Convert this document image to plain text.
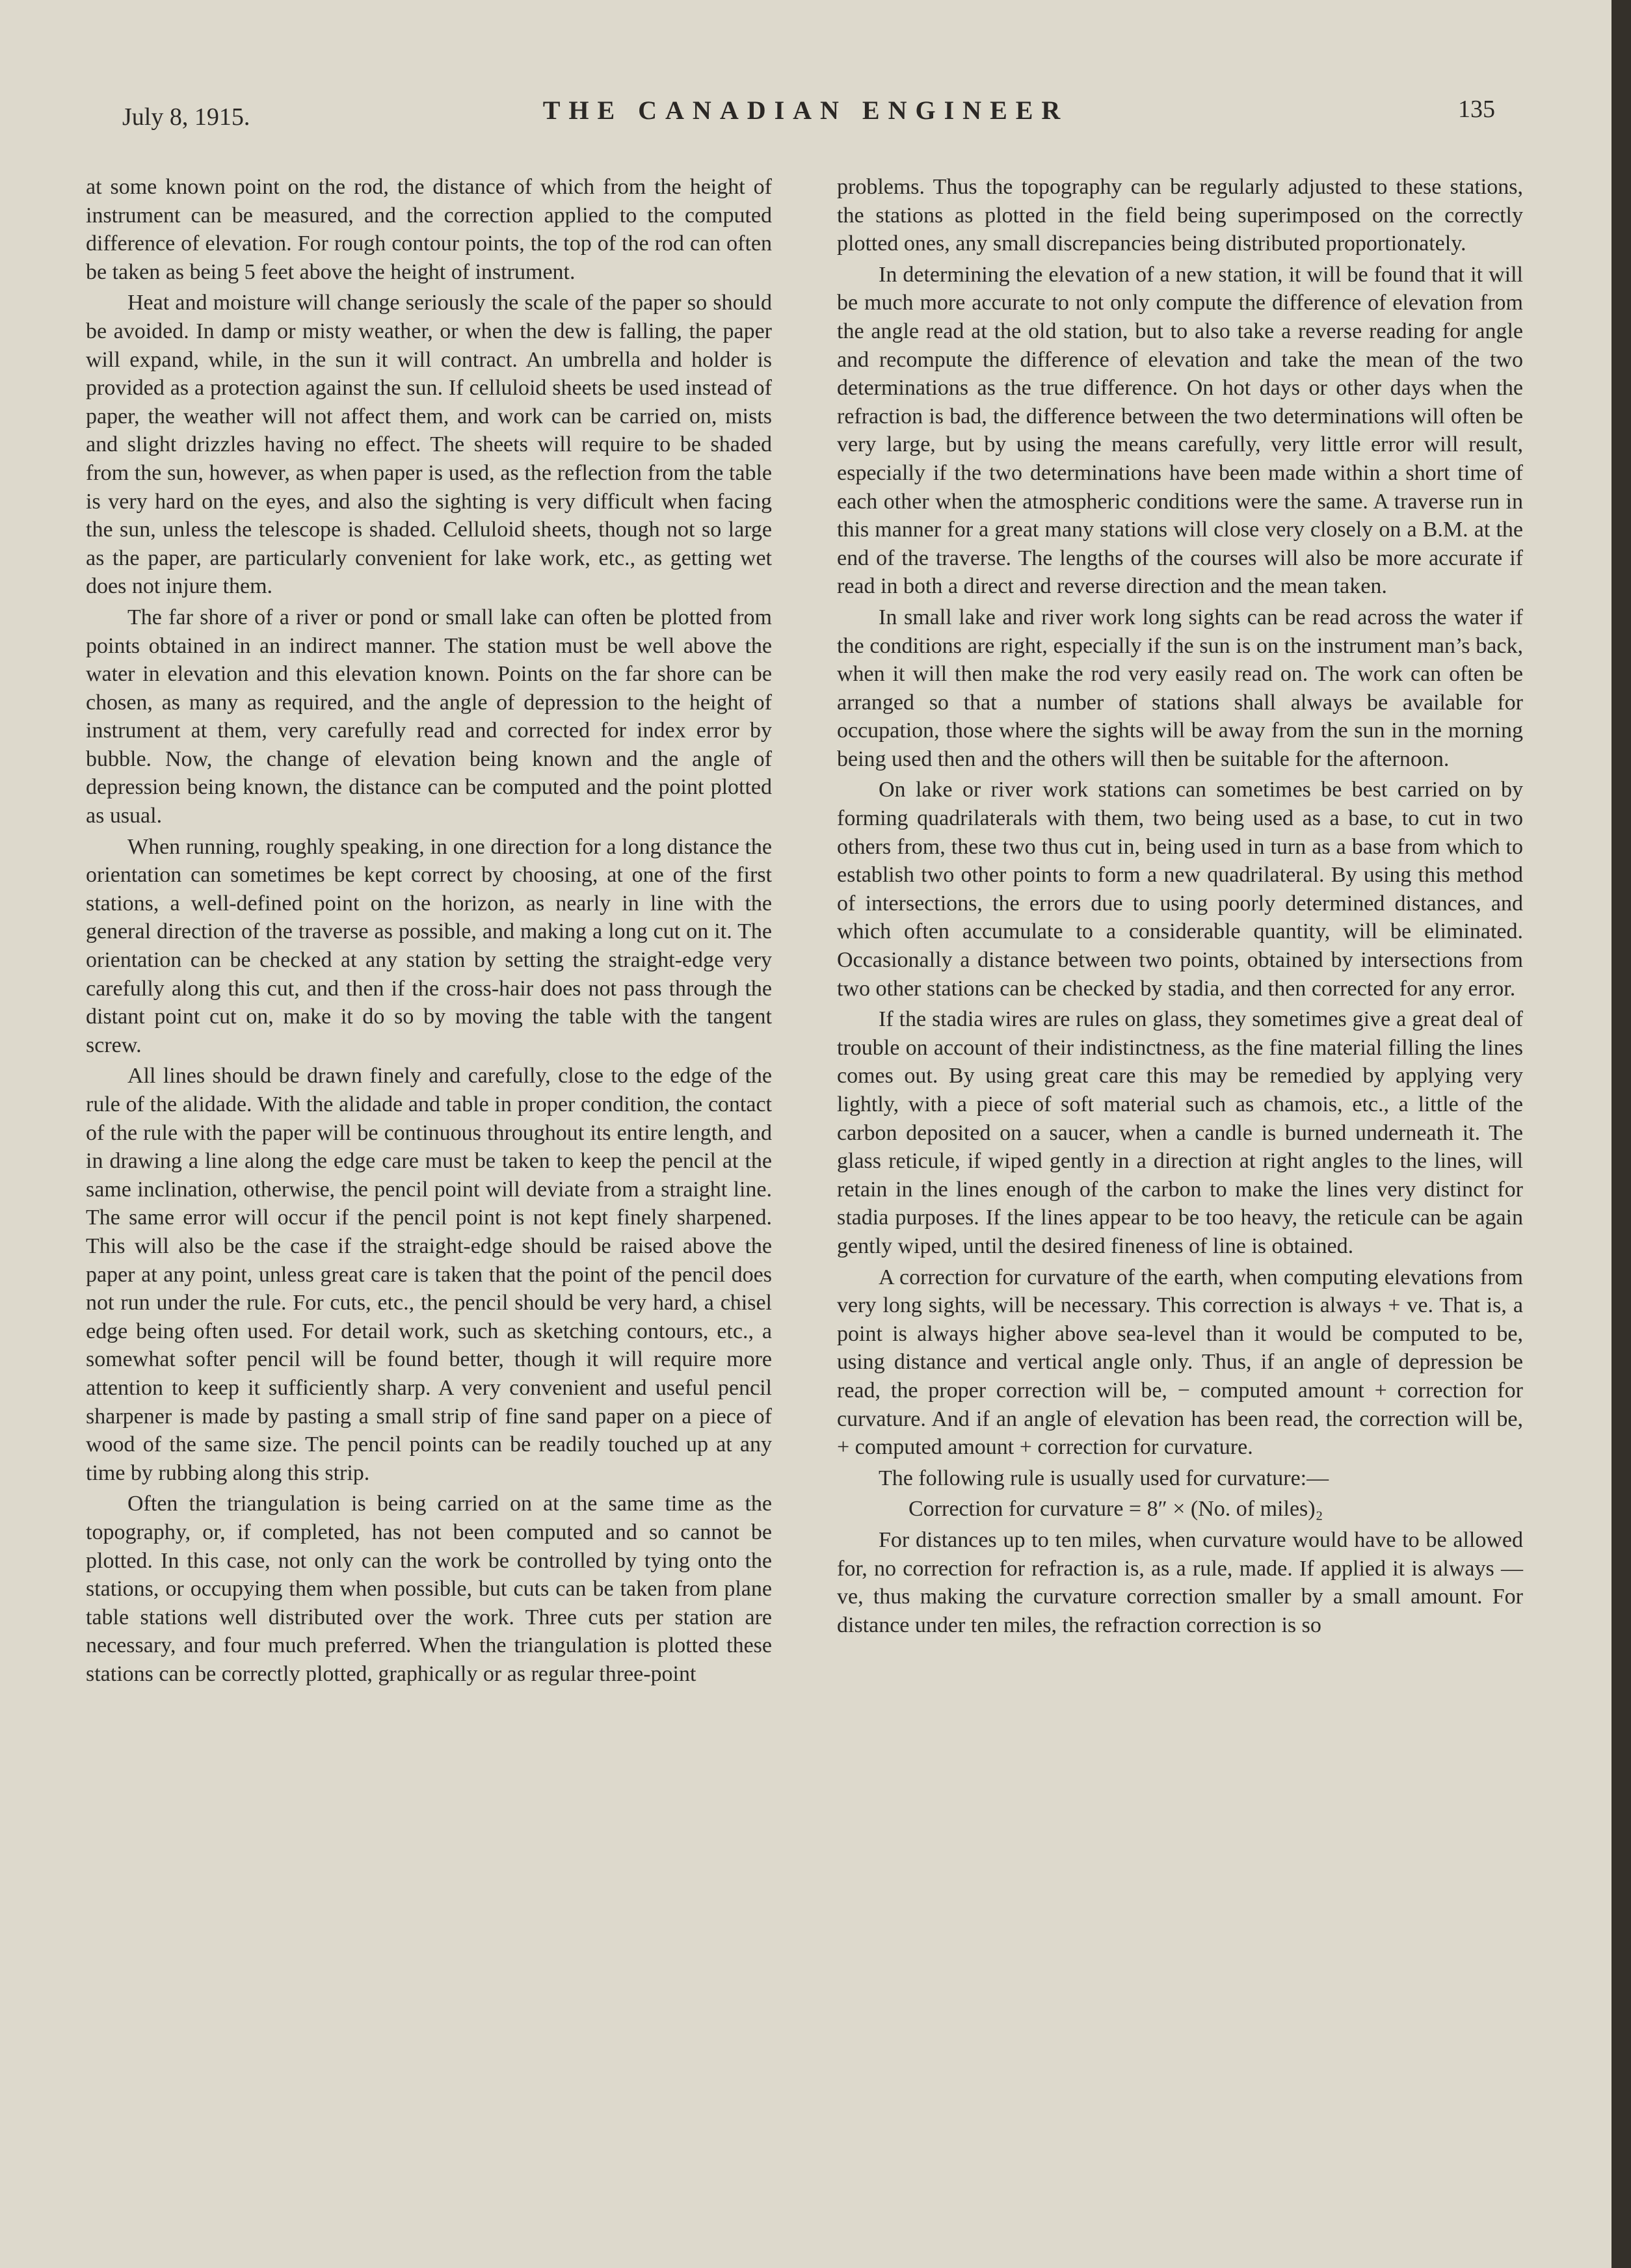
July 8, 1915.	THE CANADIAN ENGINEER	135

at some known point on the rod, the distance of which from the height of instrument can be measured, and the correction applied to the computed difference of elevation. For rough contour points, the top of the rod can often be taken as being 5 feet above the height of instrument.

Heat and moisture will change seriously the scale of the paper so should be avoided. In damp or misty weather, or when the dew is falling, the paper will expand, while, in the sun it will contract. An umbrella and holder is provided as a protection against the sun. If celluloid sheets be used instead of paper, the weather will not affect them, and work can be carried on, mists and slight drizzles having no effect. The sheets will require to be shaded from the sun, however, as when paper is used, as the reflection from the table is very hard on the eyes, and also the sighting is very difficult when facing the sun, unless the telescope is shaded. Celluloid sheets, though not so large as the paper, are particularly convenient for lake work, etc., as getting wet does not injure them.

The far shore of a river or pond or small lake can often be plotted from points obtained in an indirect manner. The station must be well above the water in elevation and this elevation known. Points on the far shore can be chosen, as many as required, and the angle of depression to the height of instrument at them, very carefully read and corrected for index error by bubble. Now, the change of elevation being known and the angle of depression being known, the distance can be computed and the point plotted as usual.

When running, roughly speaking, in one direction for a long distance the orientation can sometimes be kept correct by choosing, at one of the first stations, a well-defined point on the horizon, as nearly in line with the general direction of the traverse as possible, and making a long cut on it. The orientation can be checked at any station by setting the straight-edge very carefully along this cut, and then if the cross-hair does not pass through the distant point cut on, make it do so by moving the table with the tangent screw.

All lines should be drawn finely and carefully, close to the edge of the rule of the alidade. With the alidade and table in proper condition, the contact of the rule with the paper will be continuous throughout its entire length, and in drawing a line along the edge care must be taken to keep the pencil at the same inclination, otherwise, the pencil point will deviate from a straight line. The same error will occur if the pencil point is not kept finely sharpened. This will also be the case if the straight-edge should be raised above the paper at any point, unless great care is taken that the point of the pencil does not run under the rule. For cuts, etc., the pencil should be very hard, a chisel edge being often used. For detail work, such as sketching contours, etc., a somewhat softer pencil will be found better, though it will require more attention to keep it sufficiently sharp. A very convenient and useful pencil sharpener is made by pasting a small strip of fine sand paper on a piece of wood of the same size. The pencil points can be readily touched up at any time by rubbing along this strip.

Often the triangulation is being carried on at the same time as the topography, or, if completed, has not been computed and so cannot be plotted. In this case, not only can the work be controlled by tying onto the stations, or occupying them when possible, but cuts can be taken from plane table stations well distributed over the work. Three cuts per station are necessary, and four much preferred. When the triangulation is plotted these stations can be correctly plotted, graphically or as regular three-point

problems. Thus the topography can be regularly adjusted to these stations, the stations as plotted in the field being superimposed on the correctly plotted ones, any small discrepancies being distributed proportionately.

In determining the elevation of a new station, it will be found that it will be much more accurate to not only compute the difference of elevation from the angle read at the old station, but to also take a reverse reading for angle and recompute the difference of elevation and take the mean of the two determinations as the true difference. On hot days or other days when the refraction is bad, the difference between the two determinations will often be very large, but by using the means carefully, very little error will result, especially if the two determinations have been made within a short time of each other when the atmospheric conditions were the same. A traverse run in this manner for a great many stations will close very closely on a B.M. at the end of the traverse. The lengths of the courses will also be more accurate if read in both a direct and reverse direction and the mean taken.

In small lake and river work long sights can be read across the water if the conditions are right, especially if the sun is on the instrument man’s back, when it will then make the rod very easily read on. The work can often be arranged so that a number of stations shall always be available for occupation, those where the sights will be away from the sun in the morning being used then and the others will then be suitable for the afternoon.

On lake or river work stations can sometimes be best carried on by forming quadrilaterals with them, two being used as a base, to cut in two others from, these two thus cut in, being used in turn as a base from which to establish two other points to form a new quadrilateral. By using this method of intersections, the errors due to using poorly determined distances, and which often accumulate to a considerable quantity, will be eliminated. Occasionally a distance between two points, obtained by intersections from two other stations can be checked by stadia, and then corrected for any error.

If the stadia wires are rules on glass, they sometimes give a great deal of trouble on account of their indistinctness, as the fine material filling the lines comes out. By using great care this may be remedied by applying very lightly, with a piece of soft material such as chamois, etc., a little of the carbon deposited on a saucer, when a candle is burned underneath it. The glass reticule, if wiped gently in a direction at right angles to the lines, will retain in the lines enough of the carbon to make the lines very distinct for stadia purposes. If the lines appear to be too heavy, the reticule can be again gently wiped, until the desired fineness of line is obtained.

A correction for curvature of the earth, when computing elevations from very long sights, will be necessary. This correction is always + ve. That is, a point is always higher above sea-level than it would be computed to be, using distance and vertical angle only. Thus, if an angle of depression be read, the proper correction will be, − computed amount + correction for curvature. And if an angle of elevation has been read, the correction will be, + computed amount + correction for curvature.

The following rule is usually used for curvature:—

Correction for curvature = 8″ × (No. of miles)₂

For distances up to ten miles, when curvature would have to be allowed for, no correction for refraction is, as a rule, made. If applied it is always — ve, thus making the curvature correction smaller by a small amount. For distance under ten miles, the refraction correction is so
